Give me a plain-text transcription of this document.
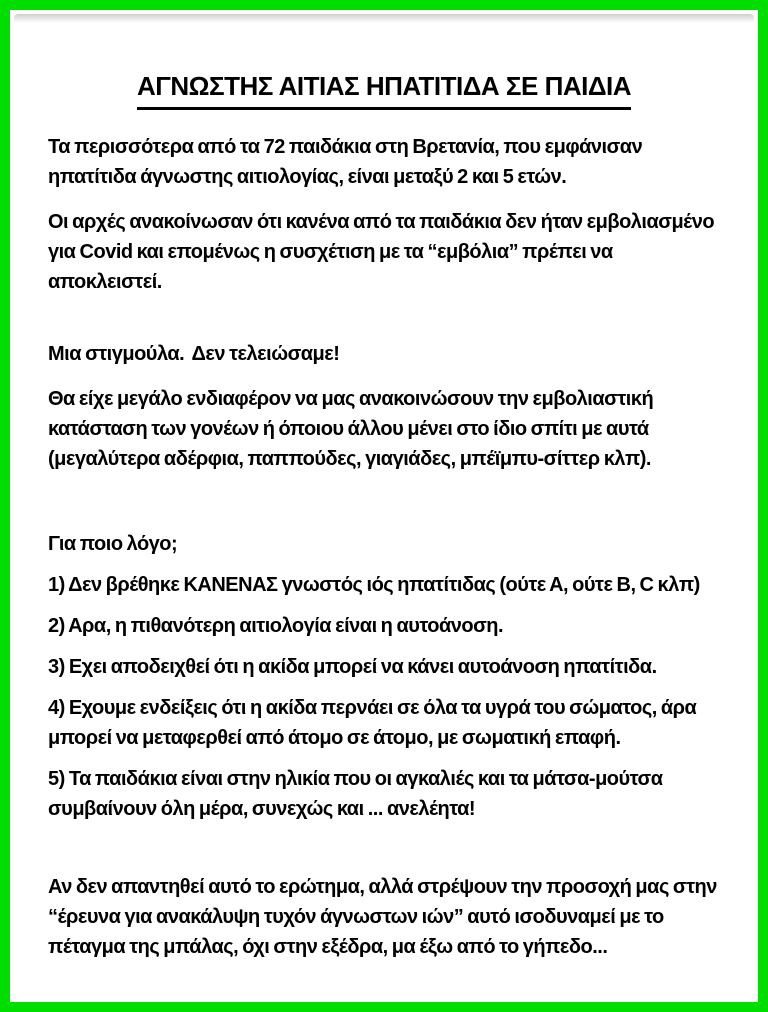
ΑΓΝΩΣΤΗΣ ΑΙΤΙΑΣ ΗΠΑΤΙΤΙΔΑ ΣΕ ΠΑΙΔΙΑ

Τα περισσότερα από τα 72 παιδάκια στη Βρετανία, που εμφάνισαν ηπατίτιδα άγνωστης αιτιολογίας, είναι μεταξύ 2 και 5 ετών.

Οι αρχές ανακοίνωσαν ότι κανένα από τα παιδάκια δεν ήταν εμβολιασμένο για Covid και επομένως η συσχέτιση με τα “εμβόλια” πρέπει να αποκλειστεί.

Μια στιγμούλα.  Δεν τελειώσαμε!

Θα είχε μεγάλο ενδιαφέρον να μας ανακοινώσουν την εμβολιαστική κατάσταση των γονέων ή όποιου άλλου μένει στο ίδιο σπίτι με αυτά (μεγαλύτερα αδέρφια, παππούδες, γιαγιάδες, μπέϊμπυ-σίττερ κλπ).

Για ποιο λόγο;

1) Δεν βρέθηκε ΚΑΝΕΝΑΣ γνωστός ιός ηπατίτιδας (ούτε Α, ούτε Β, C κλπ)

2) Αρα, η πιθανότερη αιτιολογία είναι η αυτοάνοση.

3) Εχει αποδειχθεί ότι η ακίδα μπορεί να κάνει αυτοάνοση ηπατίτιδα.

4) Εχουμε ενδείξεις ότι η ακίδα περνάει σε όλα τα υγρά του σώματος, άρα μπορεί να μεταφερθεί από άτομο σε άτομο, με σωματική επαφή.

5) Τα παιδάκια είναι στην ηλικία που οι αγκαλιές και τα μάτσα-μούτσα συμβαίνουν όλη μέρα, συνεχώς και ... ανελέητα!

Αν δεν απαντηθεί αυτό το ερώτημα, αλλά στρέψουν την προσοχή μας στην “έρευνα για ανακάλυψη τυχόν άγνωστων ιών” αυτό ισοδυναμεί με το πέταγμα της μπάλας, όχι στην εξέδρα, μα έξω από το γήπεδο...
